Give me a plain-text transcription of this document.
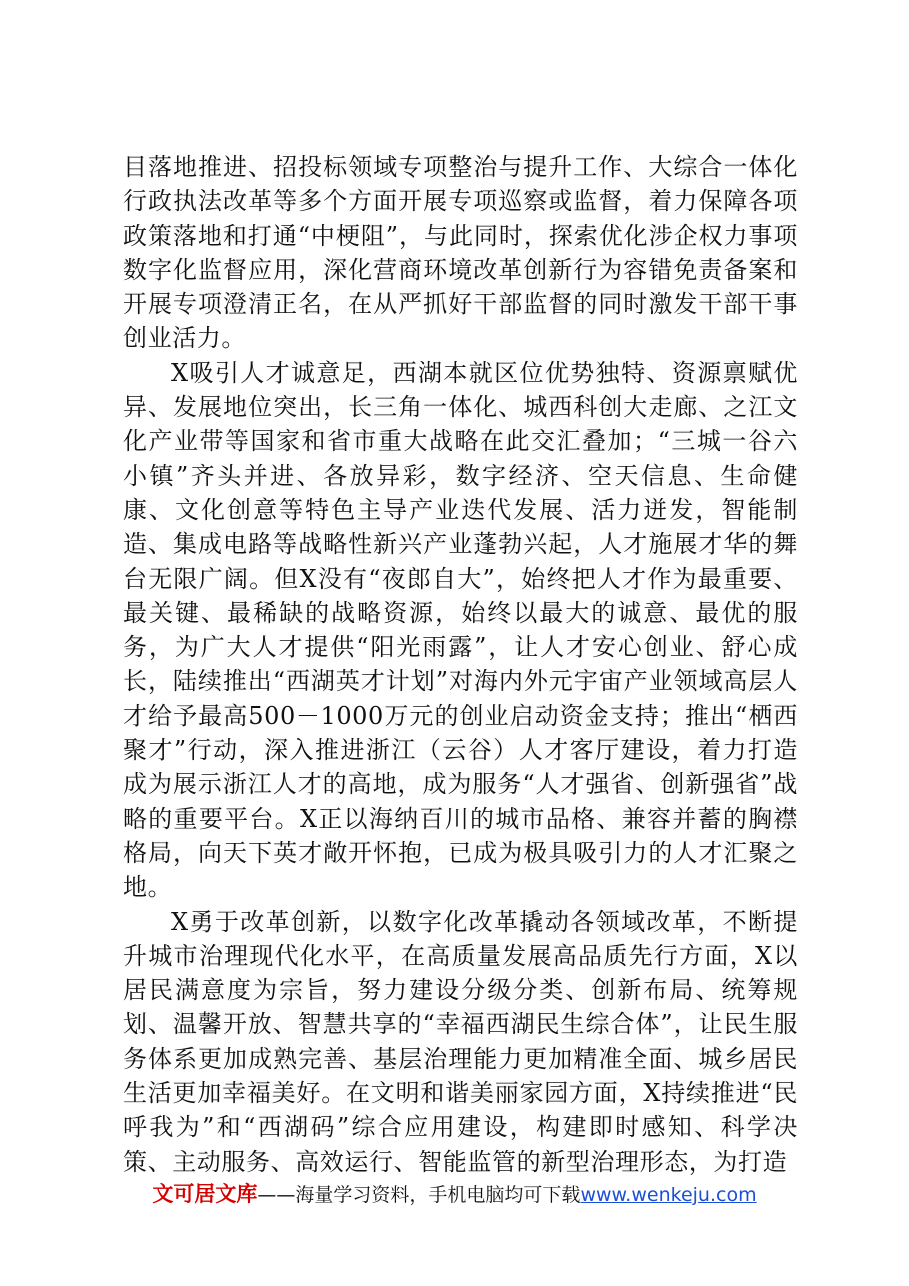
目落地推进、招投标领域专项整治与提升工作、大综合一体化行政执法改革等多个方面开展专项巡察或监督，着力保障各项政策落地和打通“中梗阻”，与此同时，探索优化涉企权力事项数字化监督应用，深化营商环境改革创新行为容错免责备案和开展专项澄清正名，在从严抓好干部监督的同时激发干部干事创业活力。

X吸引人才诚意足，西湖本就区位优势独特、资源禀赋优异、发展地位突出，长三角一体化、城西科创大走廊、之江文化产业带等国家和省市重大战略在此交汇叠加；“三城一谷六小镇”齐头并进、各放异彩，数字经济、空天信息、生命健康、文化创意等特色主导产业迭代发展、活力迸发，智能制造、集成电路等战略性新兴产业蓬勃兴起，人才施展才华的舞台无限广阔。但X没有“夜郎自大”，始终把人才作为最重要、最关键、最稀缺的战略资源，始终以最大的诚意、最优的服务，为广大人才提供“阳光雨露”，让人才安心创业、舒心成长，陆续推出“西湖英才计划”对海内外元宇宙产业领域高层人才给予最高500－1000万元的创业启动资金支持；推出“栖西聚才”行动，深入推进浙江（云谷）人才客厅建设，着力打造成为展示浙江人才的高地，成为服务“人才强省、创新强省”战略的重要平台。X正以海纳百川的城市品格、兼容并蓄的胸襟格局，向天下英才敞开怀抱，已成为极具吸引力的人才汇聚之地。

X勇于改革创新，以数字化改革撬动各领域改革，不断提升城市治理现代化水平，在高质量发展高品质先行方面，X以居民满意度为宗旨，努力建设分级分类、创新布局、统筹规划、温馨开放、智慧共享的“幸福西湖民生综合体”，让民生服务体系更加成熟完善、基层治理能力更加精准全面、城乡居民生活更加幸福美好。在文明和谐美丽家园方面，X持续推进“民呼我为”和“西湖码”综合应用建设，构建即时感知、科学决策、主动服务、高效运行、智能监管的新型治理形态，为打造

文可居文库——海量学习资料，手机电脑均可下载www.wenkeju.com
